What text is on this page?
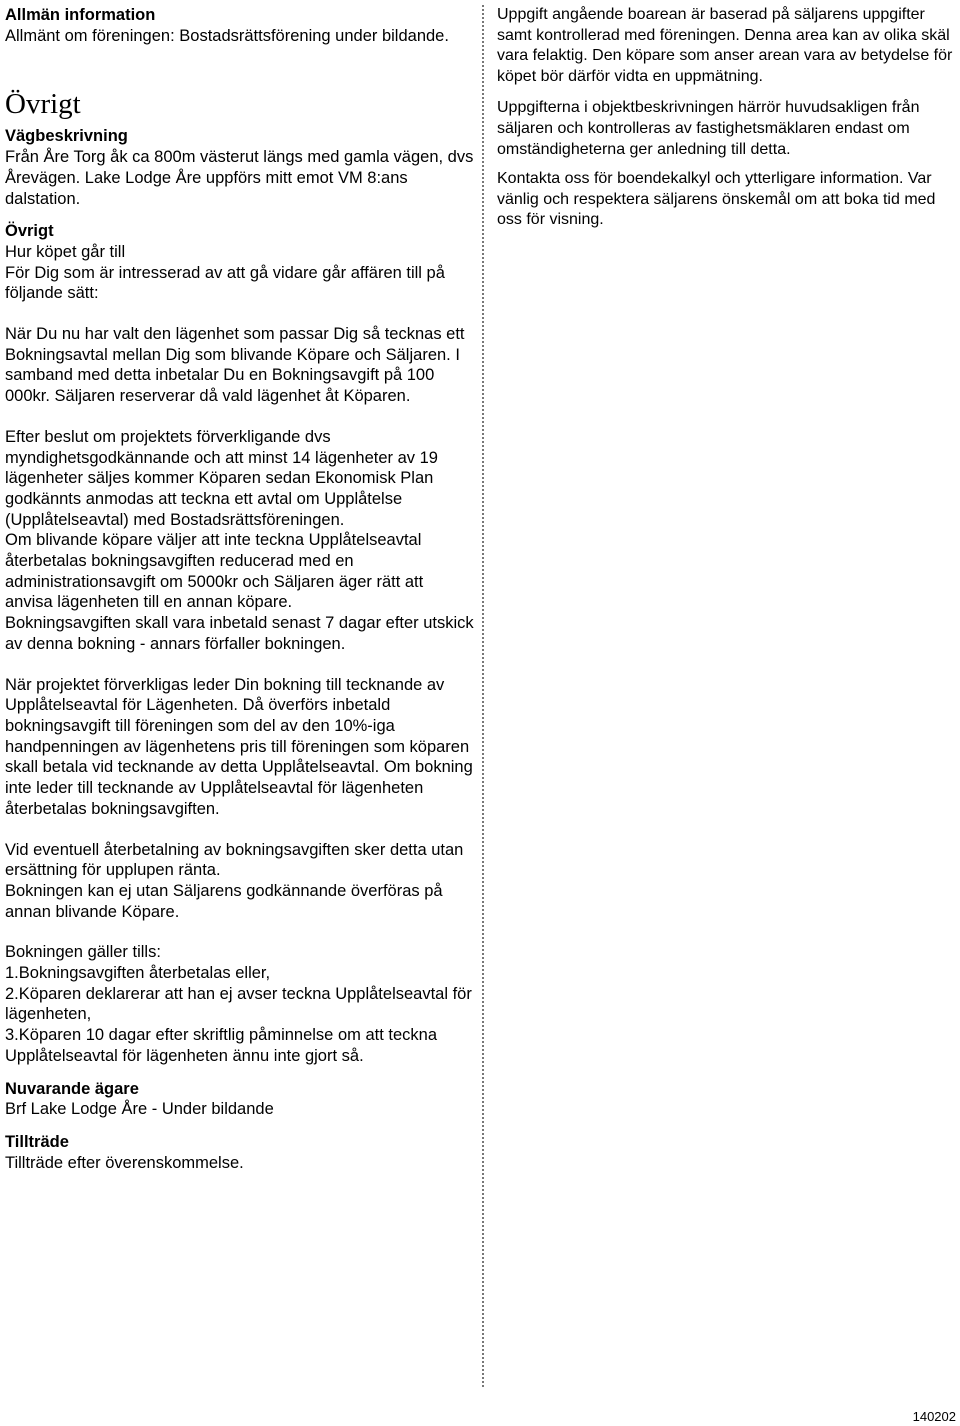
Allmän information

Allmänt om föreningen: Bostadsrättsförening under bildande.

Övrigt

Vägbeskrivning

Från Åre Torg åk ca 800m västerut längs med gamla vägen, dvs Årevägen. Lake Lodge Åre uppförs mitt emot VM 8:ans dalstation.

Övrigt

Hur köpet går till

För Dig som är intresserad av att gå vidare går affären till på följande sätt:

När Du nu har valt den lägenhet som passar Dig så tecknas ett Bokningsavtal mellan Dig som blivande Köpare och Säljaren. I samband med detta inbetalar Du en Bokningsavgift på 100 000kr. Säljaren reserverar då vald lägenhet åt Köparen.

Efter beslut om projektets förverkligande dvs myndighetsgodkännande och att minst 14 lägenheter av 19 lägenheter säljes kommer Köparen sedan Ekonomisk Plan godkännts anmodas att teckna ett avtal om Upplåtelse (Upplåtelseavtal) med Bostadsrättsföreningen.

Om blivande köpare väljer att inte teckna Upplåtelseavtal återbetalas bokningsavgiften reducerad med en administrationsavgift om 5000kr och Säljaren äger rätt att anvisa lägenheten till en annan köpare.

Bokningsavgiften skall vara inbetald senast 7 dagar efter utskick av denna bokning - annars förfaller bokningen.

När projektet förverkligas leder Din bokning till tecknande av Upplåtelseavtal för Lägenheten. Då överförs inbetald bokningsavgift till föreningen som del av den 10%-iga handpenningen av lägenhetens pris till föreningen som köparen skall betala vid tecknande av detta Upplåtelseavtal. Om bokning inte leder till tecknande av Upplåtelseavtal för lägenheten återbetalas bokningsavgiften.

Vid eventuell återbetalning av bokningsavgiften sker detta utan ersättning för upplupen ränta.

Bokningen kan ej utan Säljarens godkännande överföras på annan blivande Köpare.

Bokningen gäller tills:

1.Bokningsavgiften återbetalas eller,

2.Köparen deklarerar att han ej avser teckna Upplåtelseavtal för lägenheten,

3.Köparen 10 dagar efter skriftlig påminnelse om att teckna Upplåtelseavtal för lägenheten ännu inte gjort så.

Nuvarande ägare

Brf Lake Lodge Åre - Under bildande

Tillträde

Tillträde efter överenskommelse.

Uppgift angående boarean är baserad på säljarens uppgifter samt kontrollerad med föreningen. Denna area kan av olika skäl vara felaktig. Den köpare som anser arean vara av betydelse för köpet bör därför vidta en uppmätning.

Uppgifterna i objektbeskrivningen härrör huvudsakligen från säljaren och kontrolleras av fastighetsmäklaren endast om omständigheterna ger anledning till detta.

Kontakta oss för boendekalkyl och ytterligare information. Var vänlig och respektera säljarens önskemål om att boka tid med oss för visning.

140202
